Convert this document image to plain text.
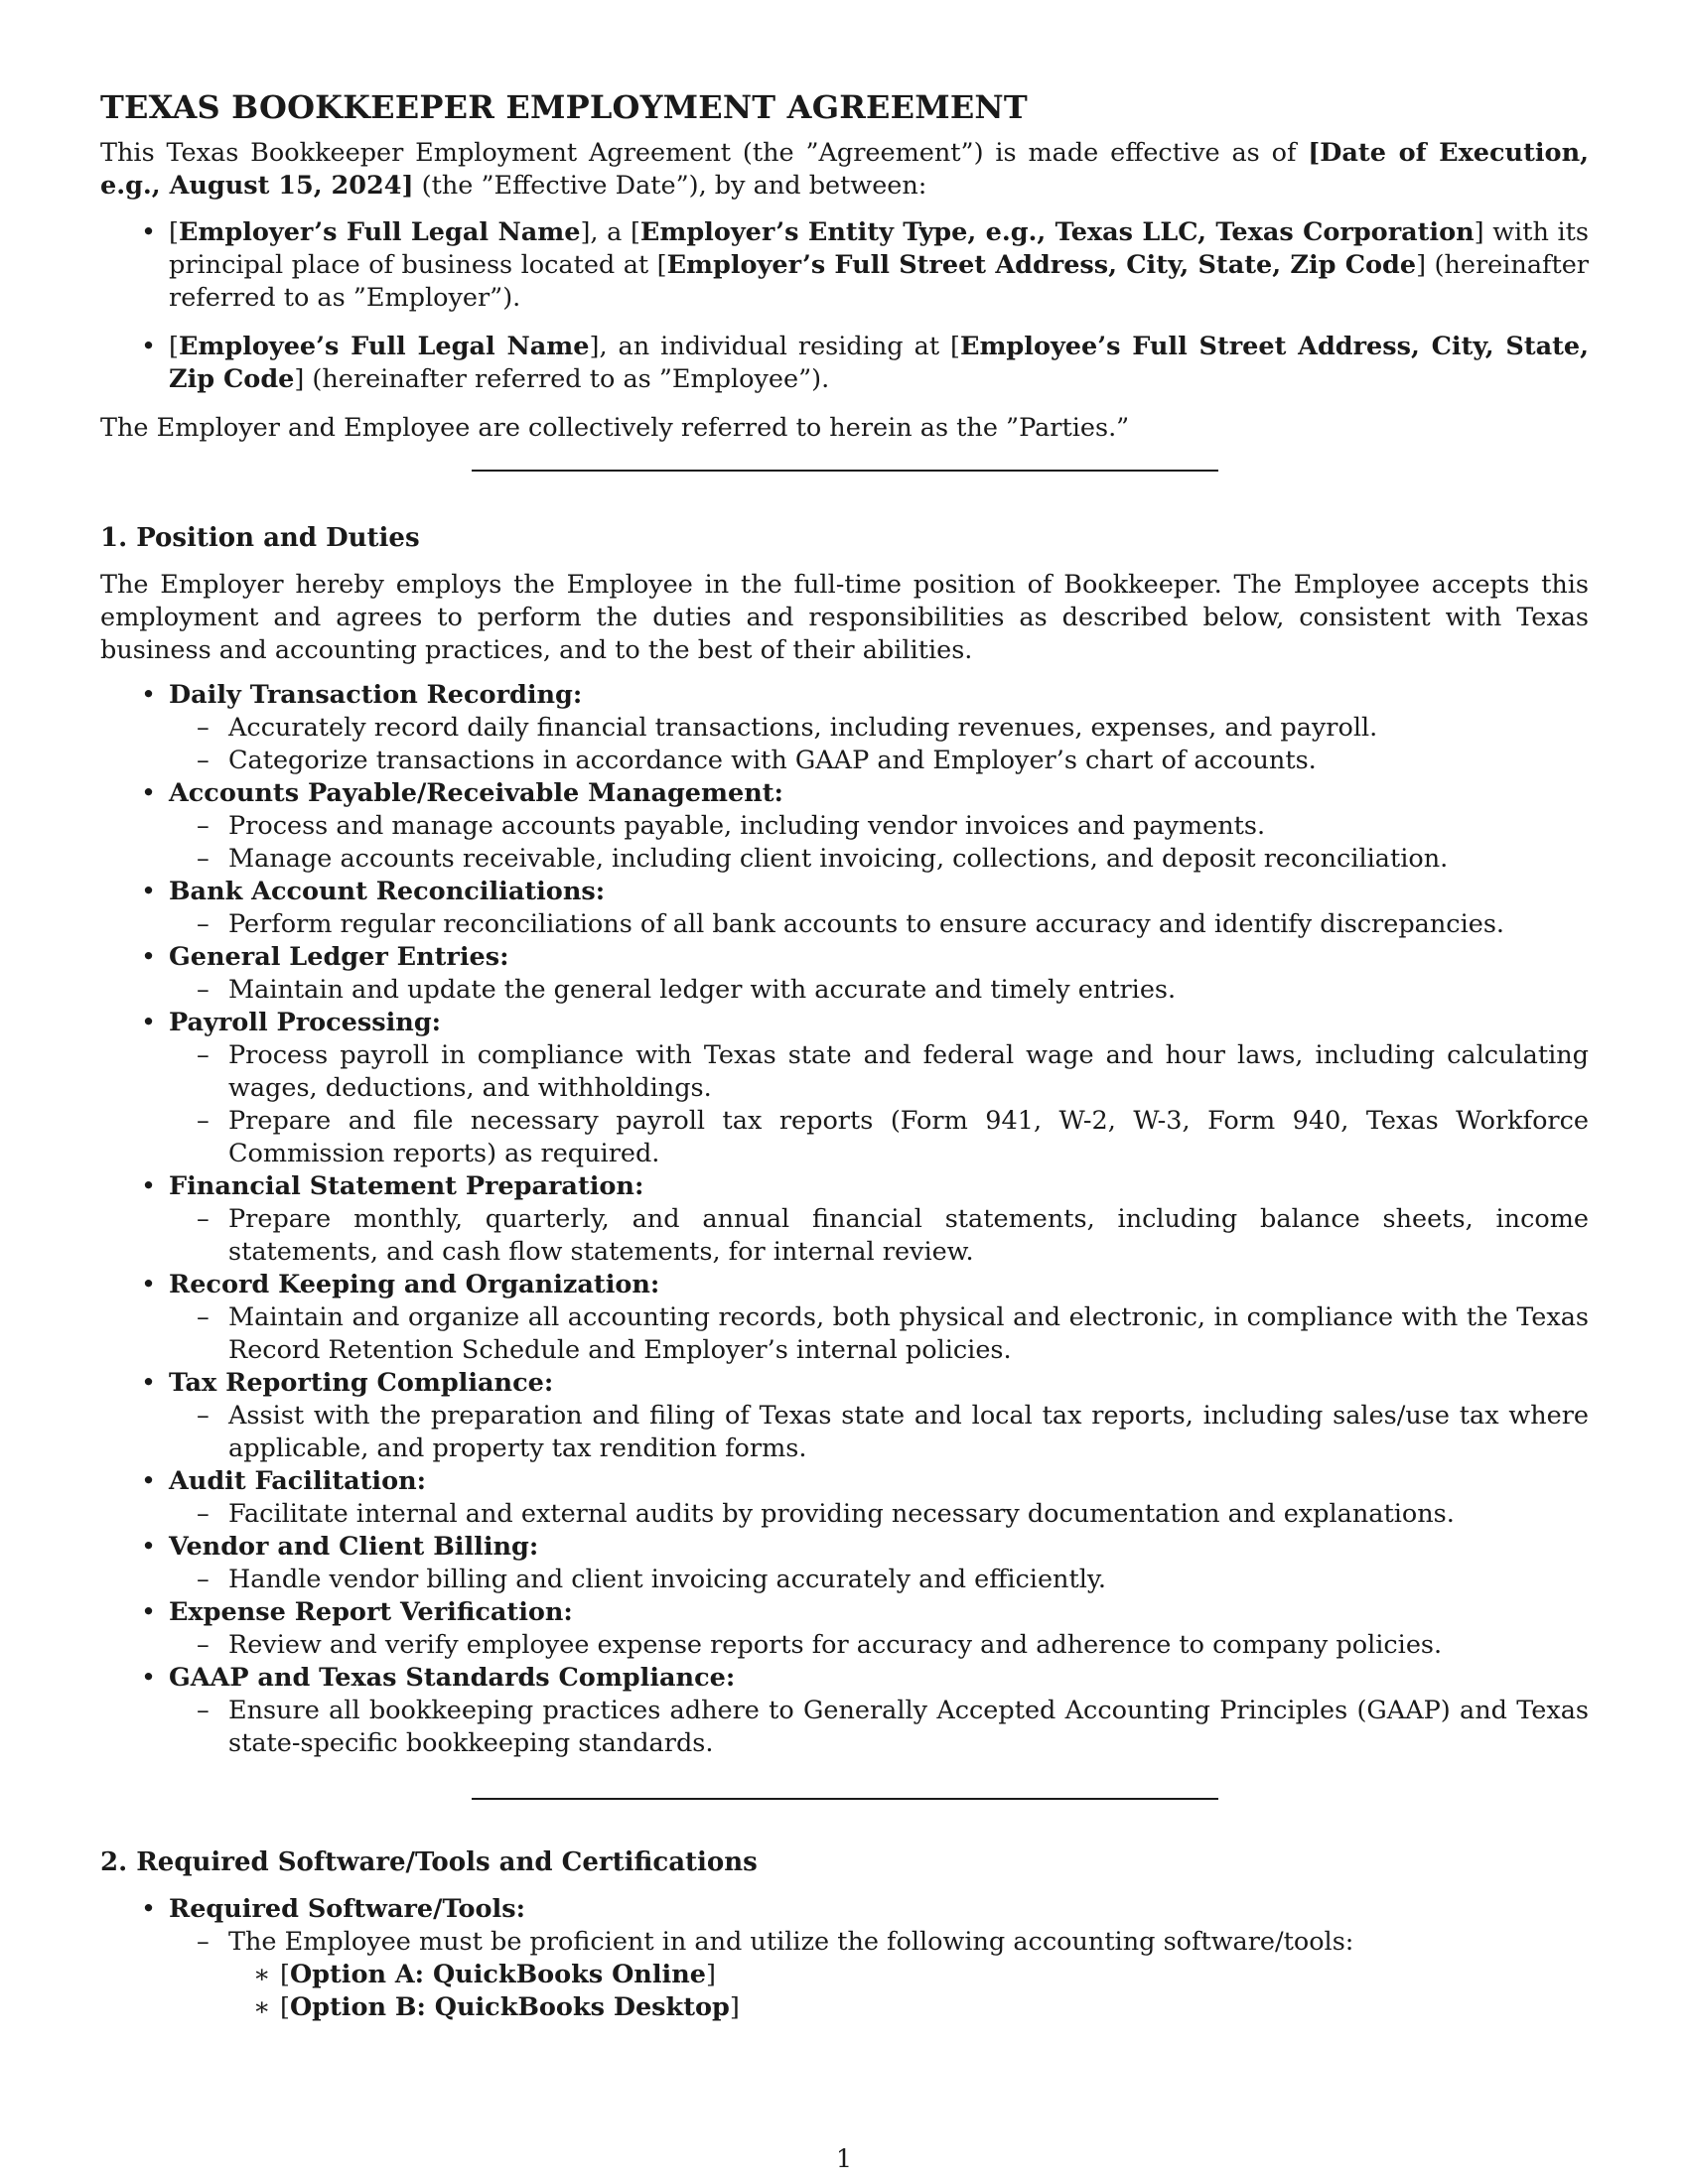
TEXAS BOOKKEEPER EMPLOYMENT AGREEMENT

This Texas Bookkeeper Employment Agreement (the ”Agreement”) is made effective as of [Date of Execution, e.g., August 15, 2024] (the ”Effective Date”), by and between:

• [Employer’s Full Legal Name], a [Employer’s Entity Type, e.g., Texas LLC, Texas Corporation] with its principal place of business located at [Employer’s Full Street Address, City, State, Zip Code] (hereinafter referred to as ”Employer”).
• [Employee’s Full Legal Name], an individual residing at [Employee’s Full Street Address, City, State, Zip Code] (hereinafter referred to as ”Employee”).

The Employer and Employee are collectively referred to herein as the ”Parties.”

1. Position and Duties

The Employer hereby employs the Employee in the full-time position of Bookkeeper. The Employee accepts this employment and agrees to perform the duties and responsibilities as described below, consistent with Texas business and accounting practices, and to the best of their abilities.

• Daily Transaction Recording:
– Accurately record daily financial transactions, including revenues, expenses, and payroll.
– Categorize transactions in accordance with GAAP and Employer’s chart of accounts.
• Accounts Payable/Receivable Management:
– Process and manage accounts payable, including vendor invoices and payments.
– Manage accounts receivable, including client invoicing, collections, and deposit reconciliation.
• Bank Account Reconciliations:
– Perform regular reconciliations of all bank accounts to ensure accuracy and identify discrepancies.
• General Ledger Entries:
– Maintain and update the general ledger with accurate and timely entries.
• Payroll Processing:
– Process payroll in compliance with Texas state and federal wage and hour laws, including calculating wages, deductions, and withholdings.
– Prepare and file necessary payroll tax reports (Form 941, W-2, W-3, Form 940, Texas Workforce Commission reports) as required.
• Financial Statement Preparation:
– Prepare monthly, quarterly, and annual financial statements, including balance sheets, income statements, and cash flow statements, for internal review.
• Record Keeping and Organization:
– Maintain and organize all accounting records, both physical and electronic, in compliance with the Texas Record Retention Schedule and Employer’s internal policies.
• Tax Reporting Compliance:
– Assist with the preparation and filing of Texas state and local tax reports, including sales/use tax where applicable, and property tax rendition forms.
• Audit Facilitation:
– Facilitate internal and external audits by providing necessary documentation and explanations.
• Vendor and Client Billing:
– Handle vendor billing and client invoicing accurately and efficiently.
• Expense Report Verification:
– Review and verify employee expense reports for accuracy and adherence to company policies.
• GAAP and Texas Standards Compliance:
– Ensure all bookkeeping practices adhere to Generally Accepted Accounting Principles (GAAP) and Texas state-specific bookkeeping standards.
2. Required Software/Tools and Certifications
• Required Software/Tools:
– The Employee must be proficient in and utilize the following accounting software/tools:
∗ [Option A: QuickBooks Online]
∗ [Option B: QuickBooks Desktop]
1
